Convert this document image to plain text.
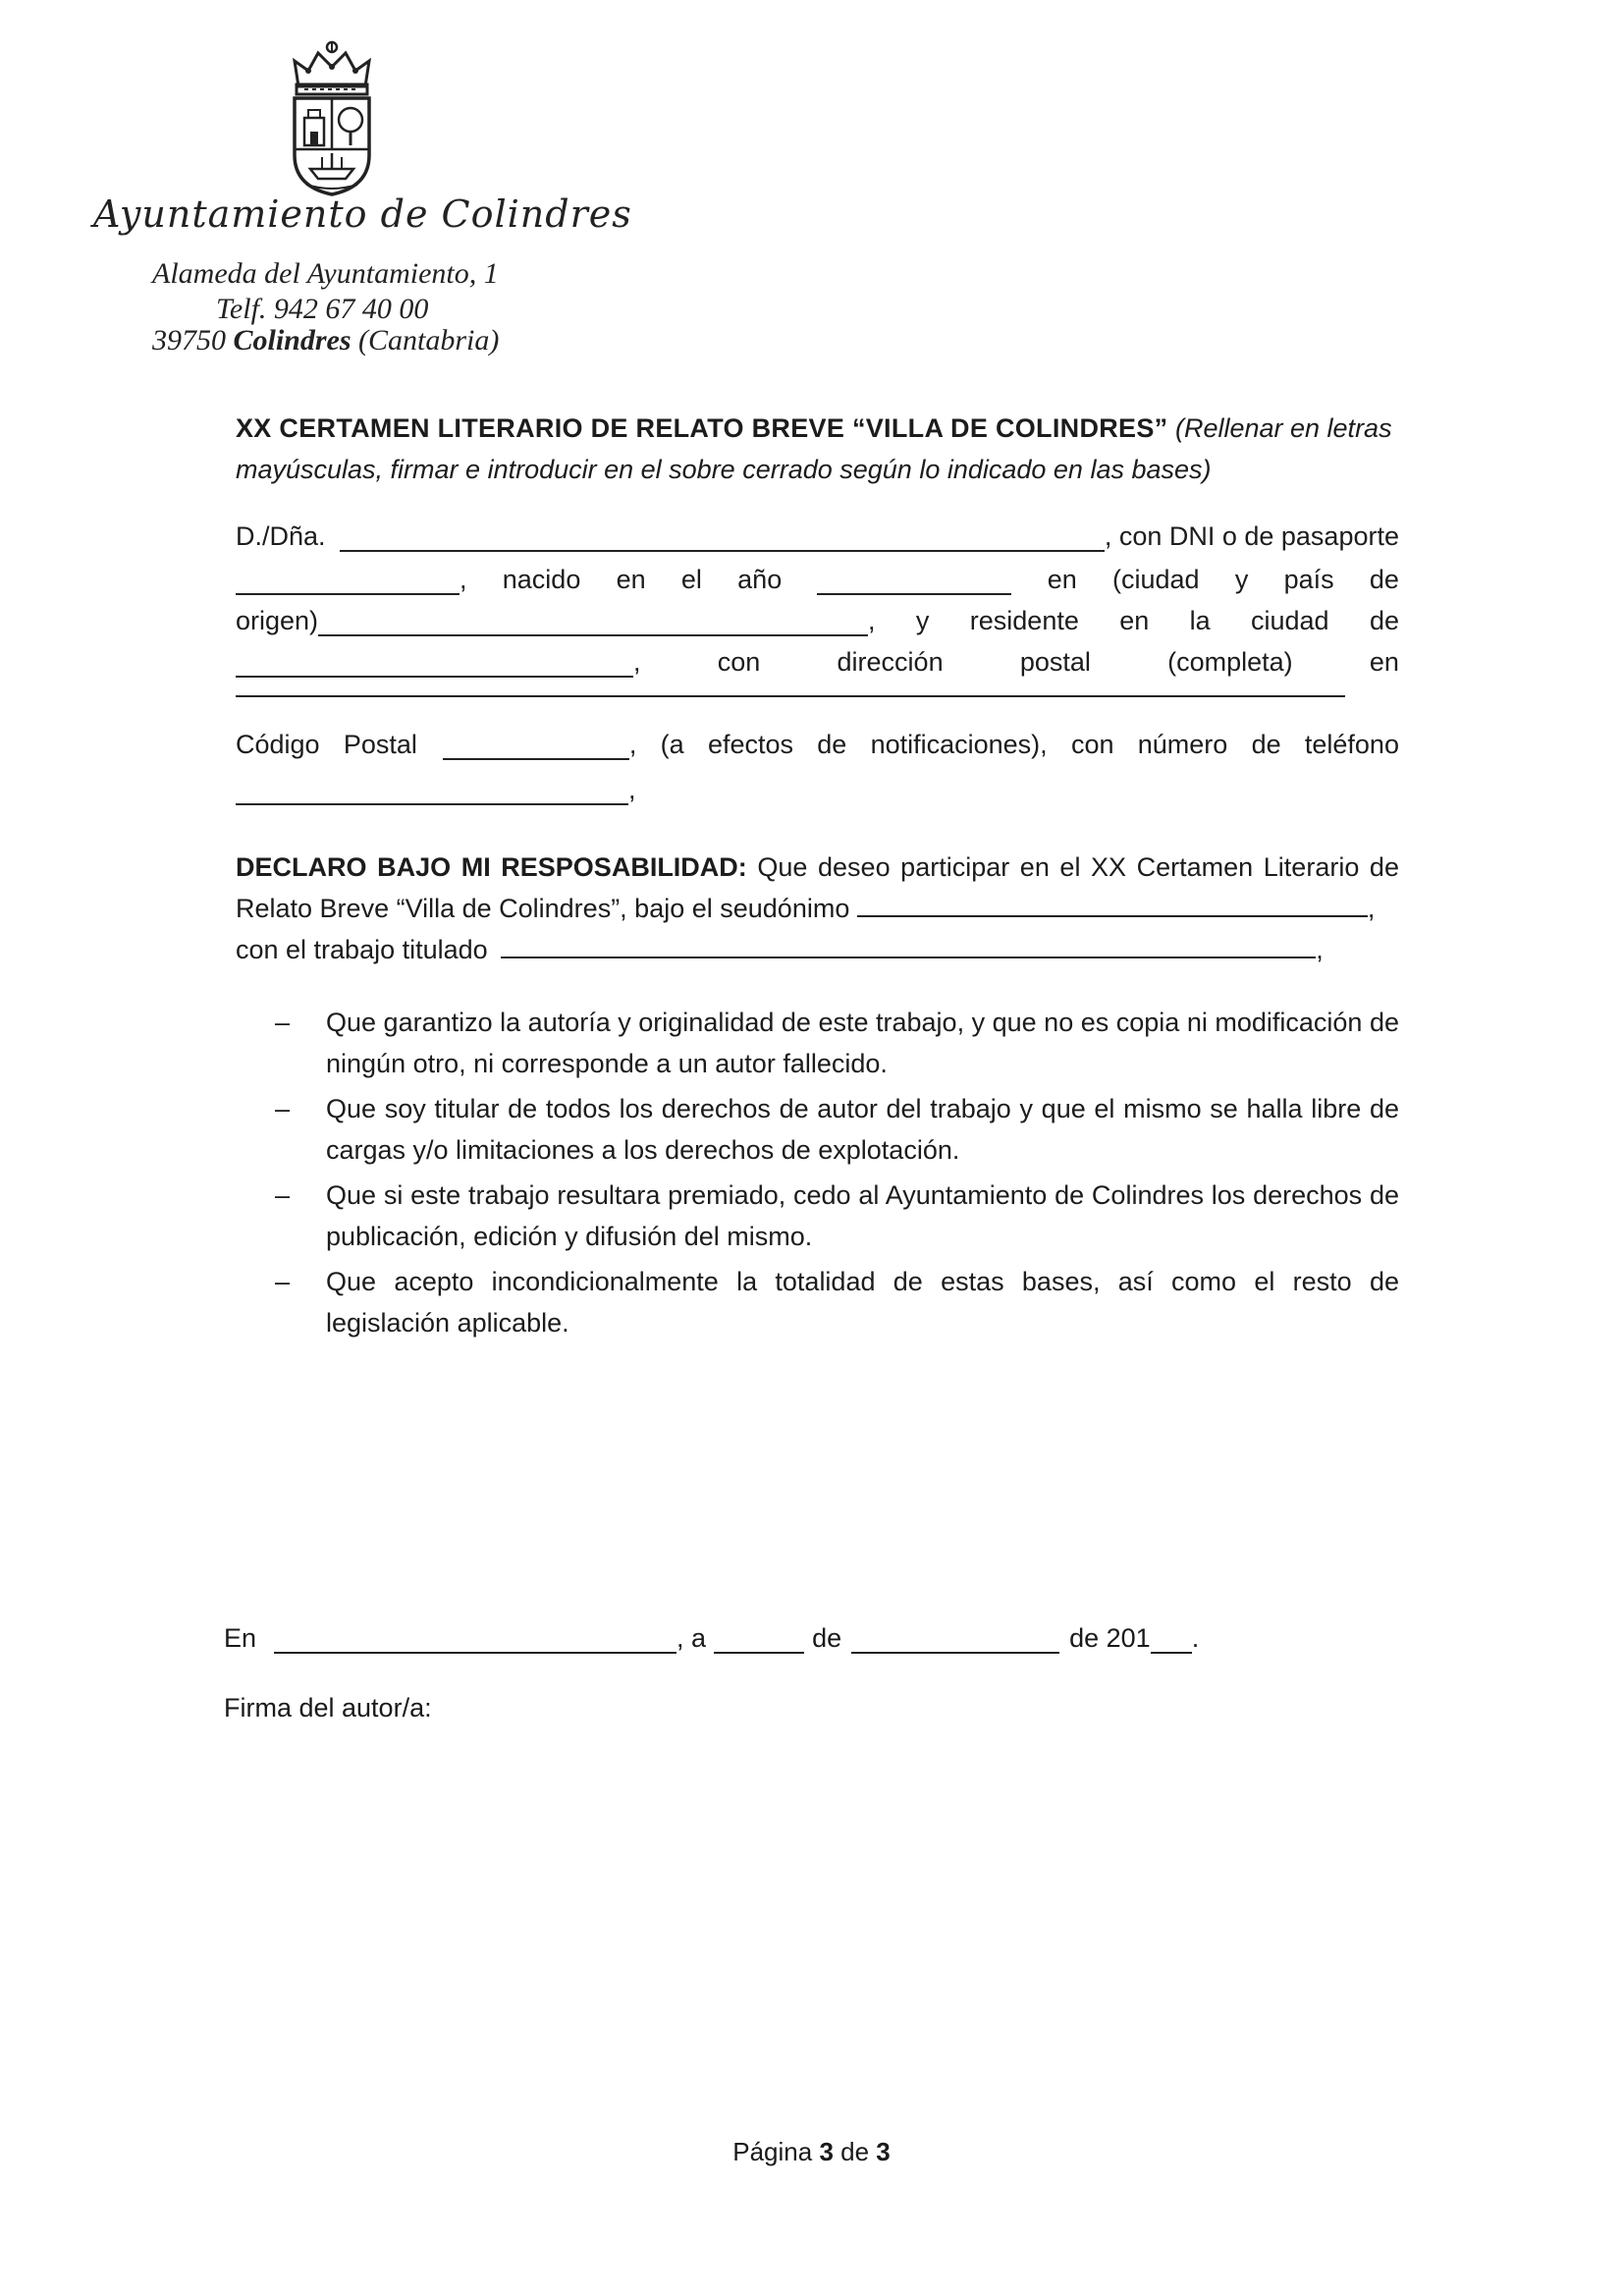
Ayuntamiento de Colindres
Alameda del Ayuntamiento, 1
Telf. 942 67 40 00
39750 Colindres (Cantabria)
XX CERTAMEN LITERARIO DE RELATO BREVE “VILLA DE COLINDRES” (Rellenar en letras mayúsculas, firmar e introducir en el sobre cerrado según lo indicado en las bases)
D./Dña.	, con DNI o de pasaporte
, nacido en el año	en (ciudad y país de
origen)	, y residente en la ciudad de
,	con	dirección	postal	(completa)	en
Código Postal	, (a efectos de notificaciones), con número de teléfono
,
DECLARO BAJO MI RESPOSABILIDAD: Que deseo participar en el XX Certamen Literario de Relato Breve “Villa de Colindres”, bajo el seudónimo	,
con el trabajo titulado	,
– Que garantizo la autoría y originalidad de este trabajo, y que no es copia ni modificación de ningún otro, ni corresponde a un autor fallecido.
– Que soy titular de todos los derechos de autor del trabajo y que el mismo se halla libre de cargas y/o limitaciones a los derechos de explotación.
– Que si este trabajo resultara premiado, cedo al Ayuntamiento de Colindres los derechos de publicación, edición y difusión del mismo.
– Que acepto incondicionalmente la totalidad de estas bases, así como el resto de legislación aplicable.
En	, a	de	de 201 .
Firma del autor/a:
Página 3 de 3
